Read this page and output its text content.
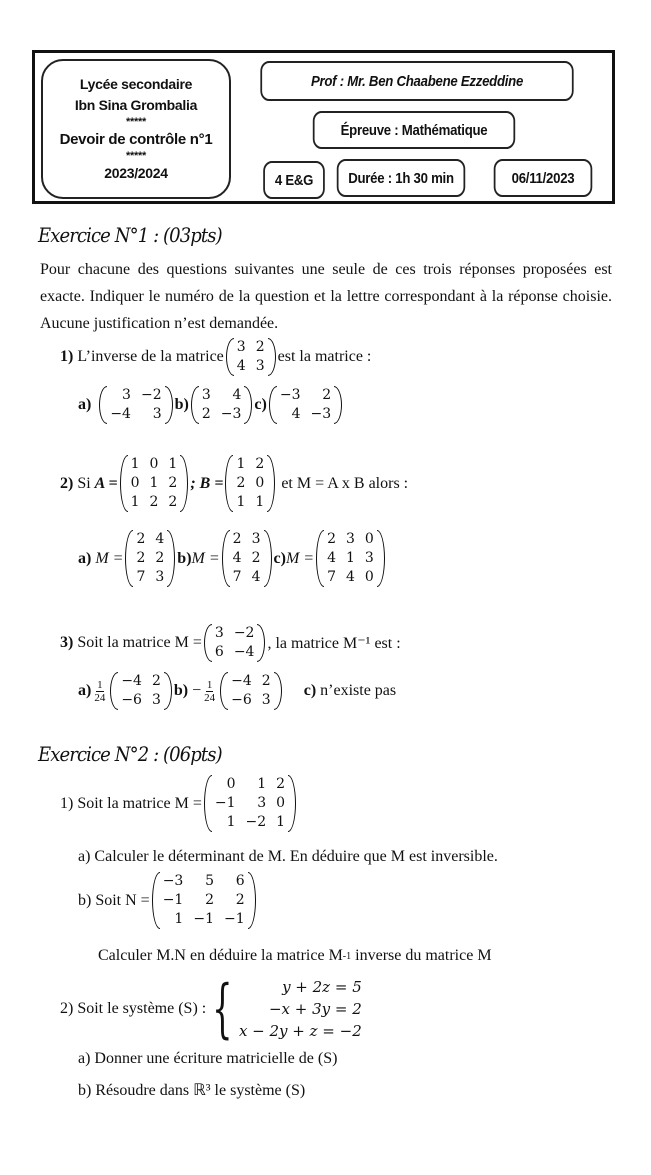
Lycée secondaire
Ibn Sina Grombalia
*****
Devoir de contrôle n°1
*****
2023/2024
Prof : Mr. Ben Chaabene Ezzeddine
Épreuve : Mathématique
4 E&G Durée : 1h 30 min	06/11/2023
Exercice N°1 : (03pts)
Pour chacune des questions suivantes une seule de ces trois réponses proposées est exacte. Indiquer le numéro de la question et la lettre correspondant à la réponse choisie. Aucune justification n’est demandée.
1)
L’inverse de la matrice
3	2
4	3
est la matrice :
a)
3	−2
−4	3
b)
3	4
2	−3
c)
−3	2
4	−3
2)
Si
A =
1	0	1
0	1	2
1	2	2
; B =
1	2
2	0
1	1

et M = A x B alors :
a)
M =
2	4
2	2
7	3
b) M =
2	3
4	2
7	4
c) M =
2	3	0
4	1	3
7	4	0
3)
Soit la matrice M =
3	−2
6	−4 , la matrice M⁻¹ est :
$a) \frac{1}{24} -4$	2
−6	3
b)
− $\frac{1}{24} -4$	2
−6	3
c)
n’existe pas
Exercice N°2 : (06pts)
1)
Soit la matrice M =
0	1	2
−1	3	0
1	−2	1
a) Calculer le déterminant de M. En déduire que M est inversible.
b) Soit N =
−3	5	6
−1	2	2
1	−1	−1
Calculer M.N en déduire la matrice M -1 inverse du matrice M
2)
Soit le système (S) : {	y + 2z = 5
−x + 3y = 2
x − 2y + z = −2
a) Donner une écriture matricielle de (S)
b) Résoudre dans ℝ³ le système (S)
